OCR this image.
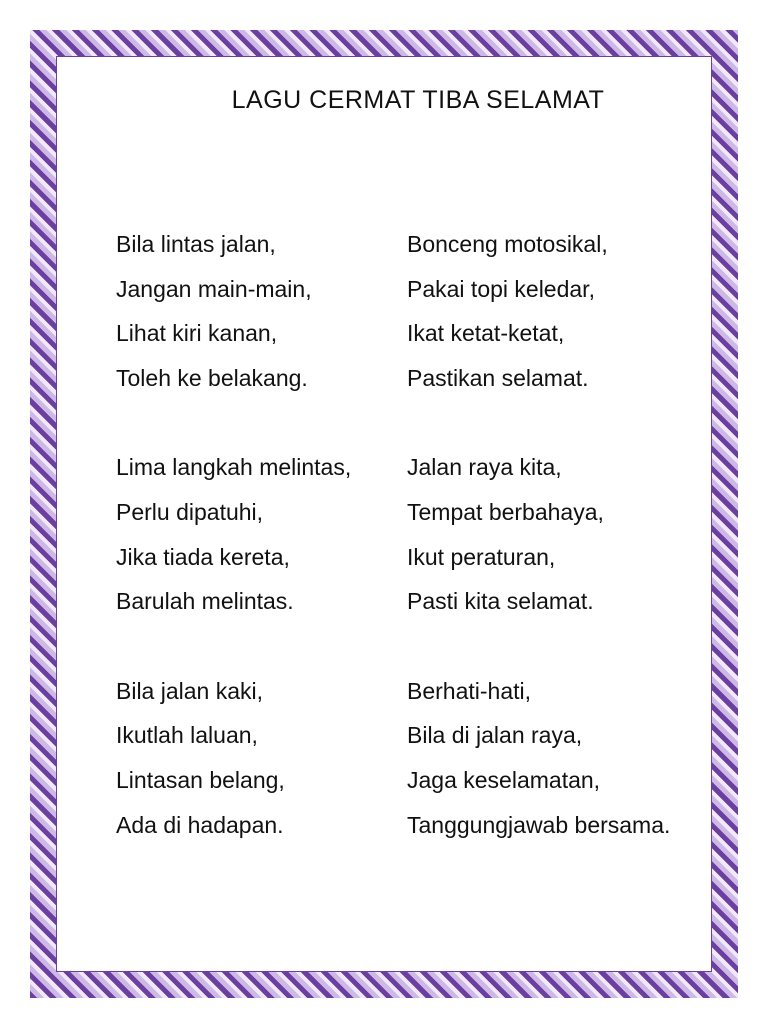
LAGU CERMAT TIBA SELAMAT
Bila lintas jalan,
Jangan main-main,
Lihat kiri kanan,
Toleh ke belakang.
Lima langkah melintas,
Perlu dipatuhi,
Jika tiada kereta,
Barulah melintas.
Bila jalan kaki,
Ikutlah laluan,
Lintasan belang,
Ada di hadapan.
Bonceng motosikal,
Pakai topi keledar,
Ikat ketat-ketat,
Pastikan selamat.
Jalan raya kita,
Tempat berbahaya,
Ikut peraturan,
Pasti kita selamat.
Berhati-hati,
Bila di jalan raya,
Jaga keselamatan,
Tanggungjawab bersama.
